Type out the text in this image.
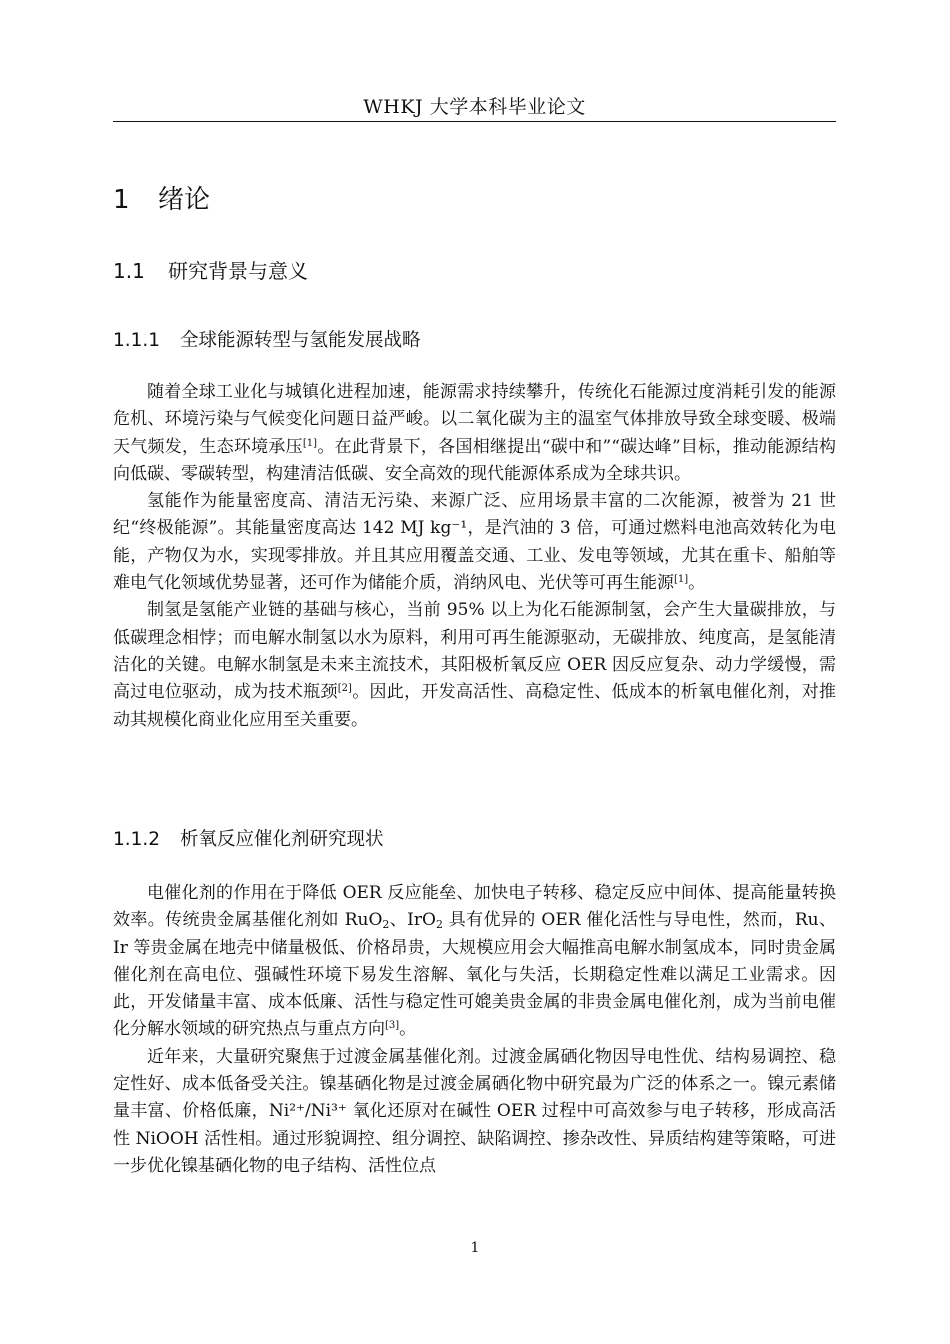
WHKJ 大学本科毕业论文
1 绪论
1.1 研究背景与意义
1.1.1 全球能源转型与氢能发展战略

随着全球工业化与城镇化进程加速，能源需求持续攀升，传统化石能源过度消耗引发的能源危机、环境污染与气候变化问题日益严峻。以二氧化碳为主的温室气体排放导致全球变暖、极端天气频发，生态环境承压[1]。在此背景下，各国相继提出“碳中和”“碳达峰”目标，推动能源结构向低碳、零碳转型，构建清洁低碳、安全高效的现代能源体系成为全球共识。

氢能作为能量密度高、清洁无污染、来源广泛、应用场景丰富的二次能源，被誉为 21 世纪“终极能源”。其能量密度高达 142 MJ kg⁻¹，是汽油的 3 倍，可通过燃料电池高效转化为电能，产物仅为水，实现零排放。并且其应用覆盖交通、工业、发电等领域，尤其在重卡、船舶等难电气化领域优势显著，还可作为储能介质，消纳风电、光伏等可再生能源[1]。

制氢是氢能产业链的基础与核心，当前 95% 以上为化石能源制氢，会产生大量碳排放，与低碳理念相悖；而电解水制氢以水为原料，利用可再生能源驱动，无碳排放、纯度高，是氢能清洁化的关键。电解水制氢是未来主流技术，其阳极析氧反应 OER 因反应复杂、动力学缓慢，需高过电位驱动，成为技术瓶颈[2]。因此，开发高活性、高稳定性、低成本的析氧电催化剂，对推动其规模化商业化应用至关重要。

1.1.2 析氧反应催化剂研究现状

电催化剂的作用在于降低 OER 反应能垒、加快电子转移、稳定反应中间体、提高能量转换效率。传统贵金属基催化剂如 RuO$_2$、IrO$_2$ 具有优异的 OER 催化活性与导电性，然而，Ru、Ir 等贵金属在地壳中储量极低、价格昂贵，大规模应用会大幅推高电解水制氢成本，同时贵金属催化剂在高电位、强碱性环境下易发生溶解、氧化与失活，长期稳定性难以满足工业需求。因此，开发储量丰富、成本低廉、活性与稳定性可媲美贵金属的非贵金属电催化剂，成为当前电催化分解水领域的研究热点与重点方向[3]。

近年来，大量研究聚焦于过渡金属基催化剂。过渡金属硒化物因导电性优、结构易调控、稳定性好、成本低备受关注。镍基硒化物是过渡金属硒化物中研究最为广泛的体系之一。镍元素储量丰富、价格低廉，Ni²⁺/Ni³⁺ 氧化还原对在碱性 OER 过程中可高效参与电子转移，形成高活性 NiOOH 活性相。通过形貌调控、组分调控、缺陷调控、掺杂改性、异质结构建等策略，可进一步优化镍基硒化物的电子结构、活性位点

1
